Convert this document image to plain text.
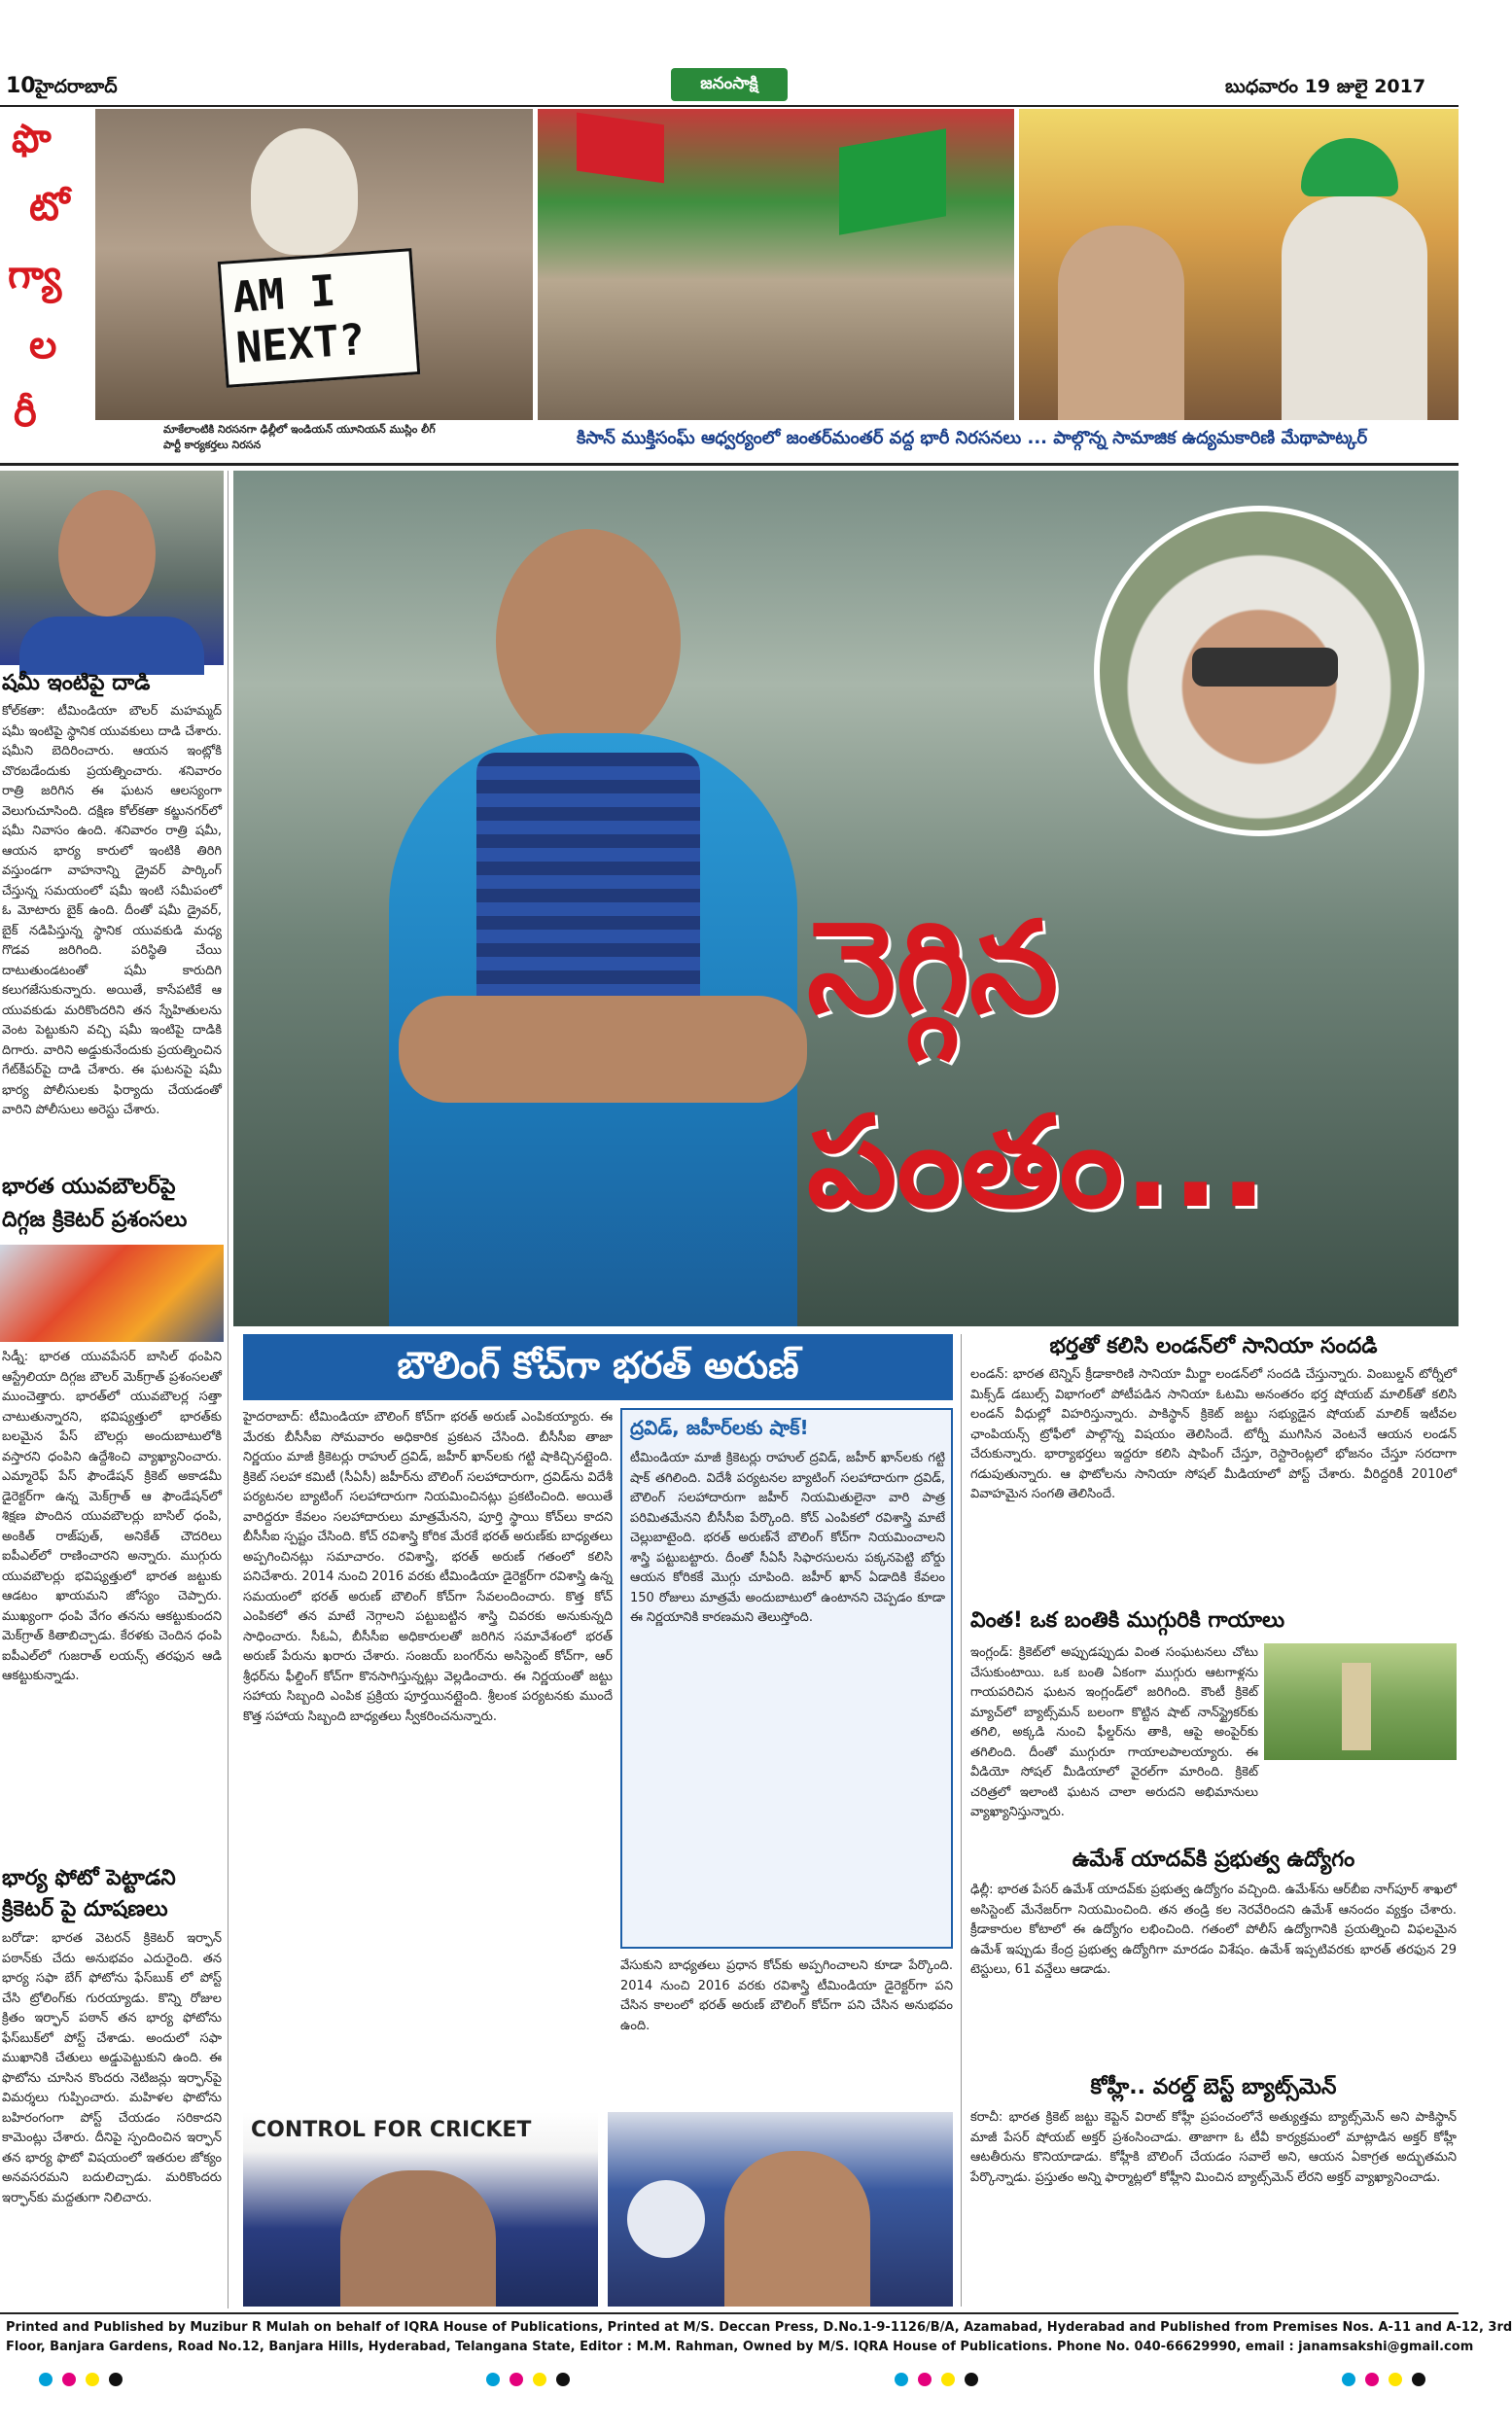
10 హైదరాబాద్	జనంసాక్షి	బుధవారం 19 జులై 2017
ఫొ
టో
గ్యా
ల
రీ
AM I NEXT?
మాకేలాంటికి నిరసనగా ఢిల్లీలో ఇండియన్ యూనియన్ ముస్లిం లీగ్ పార్టీ కార్యకర్తలు నిరసన	కిసాన్ ముక్తిసంఘ్ ఆధ్వర్యంలో జంతర్‌మంతర్ వద్ద భారీ నిరసనలు ... పాల్గొన్న సామాజిక ఉద్యమకారిణి మేథాపాట్కర్
షమీ ఇంటిపై దాడి
కోల్‌కతా: టీమిండియా బౌలర్ మహమ్మద్ షమీ ఇంటిపై స్థానిక యువకులు దాడి చేశారు. షమీని బెదిరించారు. ఆయన ఇంట్లోకి చొరబడేందుకు ప్రయత్నించారు. శనివారం రాత్రి జరిగిన ఈ ఘటన ఆలస్యంగా వెలుగుచూసింది. దక్షిణ కోల్‌కతా కట్జునగర్‌లో షమీ నివాసం ఉంది. శనివారం రాత్రి షమీ, ఆయన భార్య కారులో ఇంటికి తిరిగి వస్తుండగా వాహనాన్ని డ్రైవర్ పార్కింగ్ చేస్తున్న సమయంలో షమీ ఇంటి సమీపంలో ఓ మోటారు బైక్ ఉంది. దీంతో షమీ డ్రైవర్, బైక్ నడిపిస్తున్న స్థానిక యువకుడి మధ్య గొడవ జరిగింది. పరిస్థితి చేయి దాటుతుండటంతో షమీ కారుదిగి కలుగజేసుకున్నారు. అయితే, కాసేపటికే ఆ యువకుడు మరికొందరిని తన స్నేహితులను వెంట పెట్టుకుని వచ్చి షమీ ఇంటిపై దాడికి దిగారు. వారిని అడ్డుకునేందుకు ప్రయత్నించిన గేట్‌కీపర్‌పై దాడి చేశారు. ఈ ఘటనపై షమీ భార్య పోలీసులకు ఫిర్యాదు చేయడంతో వారిని పోలీసులు అరెస్టు చేశారు.
భారత యువబౌలర్‌పై దిగ్గజ క్రికెటర్ ప్రశంసలు
సిడ్నీ: భారత యువపేసర్ బాసిల్ థంపిని ఆస్ట్రేలియా దిగ్గజ బౌలర్ మెక్‌గ్రాత్ ప్రశంసలతో ముంచెత్తారు. భారత్‌లో యువబౌలర్ల సత్తా చాటుతున్నారని, భవిష్యత్తులో భారత్‌కు బలమైన పేస్ బౌలర్లు అందుబాటులోకి వస్తారని ధంపిని ఉద్దేశించి వ్యాఖ్యానించారు. ఎమ్మారెఫ్ పేస్ ఫౌండేషన్ క్రికెట్ అకాడమీ డైరెక్టర్‌గా ఉన్న మెక్‌గ్రాత్ ఆ ఫౌండేషన్‌లో శిక్షణ పొందిన యువబౌలర్లు బాసిల్ ధంపి, అంకిత్ రాజ్‌పుత్, అనికేత్ చౌదరిలు ఐపీఎల్‌లో రాణించారని అన్నారు. ముగ్గురు యువబౌలర్లు భవిష్యత్తులో భారత జట్టుకు ఆడటం ఖాయమని జోస్యం చెప్పారు. ముఖ్యంగా ధంపి వేగం తనను ఆకట్టుకుందని మెక్‌గ్రాత్ కితాబిచ్చాడు. కేరళకు చెందిన ధంపి ఐపీఎల్‌లో గుజరాత్ లయన్స్ తరఫున ఆడి ఆకట్టుకున్నాడు.
భార్య ఫోటో పెట్టాడని క్రికెటర్ పై దూషణలు
బరోడా: భారత వెటరన్ క్రికెటర్ ఇర్ఫాన్ పఠాన్‌కు చేదు అనుభవం ఎదురైంది. తన భార్య సఫా బేగ్ ఫోటోను ఫేస్‌బుక్ లో పోస్ట్ చేసి ట్రోలింగ్‌కు గురయ్యాడు. కొన్ని రోజుల క్రితం ఇర్ఫాన్ పఠాన్ తన భార్య ఫోటోను ఫేస్‌బుక్‌లో పోస్ట్ చేశాడు. అందులో సఫా ముఖానికి చేతులు అడ్డుపెట్టుకుని ఉంది. ఈ ఫొటోను చూసిన కొందరు నెటిజన్లు ఇర్ఫాన్‌పై విమర్శలు గుప్పించారు. మహిళల ఫొటోను బహిరంగంగా పోస్ట్ చేయడం సరికాదని కామెంట్లు చేశారు. దీనిపై స్పందించిన ఇర్ఫాన్ తన భార్య ఫొటో విషయంలో ఇతరుల జోక్యం అనవసరమని బదులిచ్చాడు. మరికొందరు ఇర్ఫాన్‌కు మద్దతుగా నిలిచారు.
నెగ్గిన
పంతం...
బౌలింగ్ కోచ్‌గా భరత్ అరుణ్
హైదరాబాద్‌: టీమిండియా బౌలింగ్ కోచ్‌గా భరత్ అరుణ్ ఎంపికయ్యారు. ఈ మేరకు బీసీసీఐ సోమవారం అధికారిక ప్రకటన చేసింది. బీసీసీఐ తాజా నిర్ణయం మాజీ క్రికెటర్లు రాహుల్ ద్రవిడ్, జహీర్ ఖాన్‌లకు గట్టి షాకిచ్చినట్లైంది. క్రికెట్ సలహా కమిటీ (సీఏసీ) జహీర్‌ను బౌలింగ్ సలహాదారుగా, ద్రవిడ్‌ను విదేశీ పర్యటనల బ్యాటింగ్ సలహాదారుగా నియమించినట్లు ప్రకటించింది. అయితే వారిద్దరూ కేవలం సలహాదారులు మాత్రమేనని, పూర్తి స్థాయి కోచ్‌లు కాదని బీసీసీఐ స్పష్టం చేసింది. కోచ్ రవిశాస్త్రి కోరిక మేరకే భరత్ అరుణ్‌కు బాధ్యతలు అప్పగించినట్లు సమాచారం. రవిశాస్త్రి, భరత్ అరుణ్ గతంలో కలిసి పనిచేశారు. 2014 నుంచి 2016 వరకు టీమిండియా డైరెక్టర్‌గా రవిశాస్త్రి ఉన్న సమయంలో భరత్ అరుణ్ బౌలింగ్ కోచ్‌గా సేవలందించారు. కొత్త కోచ్ ఎంపికలో తన మాటే నెగ్గాలని పట్టుబట్టిన శాస్త్రి చివరకు అనుకున్నది సాధించారు. సీఓఏ, బీసీసీఐ అధికారులతో జరిగిన సమావేశంలో భరత్ అరుణ్ పేరును ఖరారు చేశారు. సంజయ్ బంగర్‌ను అసిస్టెంట్ కోచ్‌గా, ఆర్ శ్రీధర్‌ను ఫీల్డింగ్ కోచ్‌గా కొనసాగిస్తున్నట్లు వెల్లడించారు. ఈ నిర్ణయంతో జట్టు సహాయ సిబ్బంది ఎంపిక ప్రక్రియ పూర్తయినట్లైంది. శ్రీలంక పర్యటనకు ముందే కొత్త సహాయ సిబ్బంది బాధ్యతలు స్వీకరించనున్నారు.
ద్రవిడ్, జహీర్‌లకు షాక్!
టీమిండియా మాజీ క్రికెటర్లు రాహుల్ ద్రవిడ్, జహీర్ ఖాన్‌లకు గట్టి షాక్ తగిలింది. విదేశీ పర్యటనల బ్యాటింగ్ సలహాదారుగా ద్రవిడ్, బౌలింగ్ సలహాదారుగా జహీర్ నియమితులైనా వారి పాత్ర పరిమితమేనని బీసీసీఐ పేర్కొంది. కోచ్ ఎంపికలో రవిశాస్త్రి మాటే చెల్లుబాటైంది. భరత్ అరుణ్‌నే బౌలింగ్ కోచ్‌గా నియమించాలని శాస్త్రి పట్టుబట్టారు. దీంతో సీఏసీ సిఫారసులను పక్కనపెట్టి బోర్డు ఆయన కోరికకే మొగ్గు చూపింది. జహీర్ ఖాన్ ఏడాదికి కేవలం 150 రోజులు మాత్రమే అందుబాటులో ఉంటానని చెప్పడం కూడా ఈ నిర్ణయానికి కారణమని తెలుస్తోంది.
వేసుకుని బాధ్యతలు ప్రధాన కోచ్‌కు అప్పగించాలని కూడా పేర్కొంది. 2014 నుంచి 2016 వరకు రవిశాస్త్రి టీమిండియా డైరెక్టర్‌గా పని చేసిన కాలంలో భరత్ అరుణ్ బౌలింగ్ కోచ్‌గా పని చేసిన అనుభవం ఉంది.
CONTROL FOR CRICKET
భర్తతో కలిసి లండన్‌లో సానియా సందడి
లండన్: భారత టెన్నిస్ క్రీడాకారిణి సానియా మీర్జా లండన్‌లో సందడి చేస్తున్నారు. వింబుల్డన్ టోర్నీలో మిక్స్‌డ్ డబుల్స్ విభాగంలో పోటీపడిన సానియా ఓటమి అనంతరం భర్త షోయబ్ మాలిక్‌తో కలిసి లండన్ వీధుల్లో విహరిస్తున్నారు. పాకిస్థాన్ క్రికెట్ జట్టు సభ్యుడైన షోయబ్ మాలిక్ ఇటీవల ఛాంపియన్స్ ట్రోఫీలో పాల్గొన్న విషయం తెలిసిందే. టోర్నీ ముగిసిన వెంటనే ఆయన లండన్ చేరుకున్నారు. భార్యాభర్తలు ఇద్దరూ కలిసి షాపింగ్ చేస్తూ, రెస్టారెంట్లలో భోజనం చేస్తూ సరదాగా గడుపుతున్నారు. ఆ ఫొటోలను సానియా సోషల్ మీడియాలో పోస్ట్ చేశారు. వీరిద్దరికీ 2010లో వివాహమైన సంగతి తెలిసిందే.
వింత! ఒక బంతికి ముగ్గురికి గాయాలు
ఇంగ్లండ్: క్రికెట్‌లో అప్పుడప్పుడు వింత సంఘటనలు చోటు చేసుకుంటాయి. ఒక బంతి ఏకంగా ముగ్గురు ఆటగాళ్లను గాయపరిచిన ఘటన ఇంగ్లండ్‌లో జరిగింది. కౌంటీ క్రికెట్ మ్యాచ్‌లో బ్యాట్స్‌మన్ బలంగా కొట్టిన షాట్ నాన్‌స్ట్రైకర్‌కు తగిలి, అక్కడి నుంచి ఫీల్డర్‌ను తాకి, ఆపై అంపైర్‌కు తగిలింది. దీంతో ముగ్గురూ గాయాలపాలయ్యారు. ఈ వీడియో సోషల్ మీడియాలో వైరల్‌గా మారింది. క్రికెట్ చరిత్రలో ఇలాంటి ఘటన చాలా అరుదని అభిమానులు వ్యాఖ్యానిస్తున్నారు.
ఉమేశ్ యాదవ్‌కి ప్రభుత్వ ఉద్యోగం
ఢిల్లీ: భారత పేసర్ ఉమేశ్ యాదవ్‌కు ప్రభుత్వ ఉద్యోగం వచ్చింది. ఉమేశ్‌ను ఆర్‌బీఐ నాగ్‌పూర్ శాఖలో అసిస్టెంట్ మేనేజర్‌గా నియమించింది. తన తండ్రి కల నెరవేరిందని ఉమేశ్ ఆనందం వ్యక్తం చేశారు. క్రీడాకారుల కోటాలో ఈ ఉద్యోగం లభించింది. గతంలో పోలీస్ ఉద్యోగానికి ప్రయత్నించి విఫలమైన ఉమేశ్ ఇప్పుడు కేంద్ర ప్రభుత్వ ఉద్యోగిగా మారడం విశేషం. ఉమేశ్ ఇప్పటివరకు భారత్ తరఫున 29 టెస్టులు, 61 వన్డేలు ఆడాడు.
కోహ్లీ.. వరల్డ్ బెస్ట్ బ్యాట్స్‌మెన్
కరాచీ: భారత క్రికెట్ జట్టు కెప్టెన్ విరాట్ కోహ్లీ ప్రపంచంలోనే అత్యుత్తమ బ్యాట్స్‌మెన్ అని పాకిస్థాన్ మాజీ పేసర్ షోయబ్ అక్తర్ ప్రశంసించాడు. తాజాగా ఓ టీవీ కార్యక్రమంలో మాట్లాడిన అక్తర్ కోహ్లీ ఆటతీరును కొనియాడాడు. కోహ్లీకి బౌలింగ్ చేయడం సవాలే అని, ఆయన ఏకాగ్రత అద్భుతమని పేర్కొన్నాడు. ప్రస్తుతం అన్ని ఫార్మాట్లలో కోహ్లీని మించిన బ్యాట్స్‌మెన్ లేరని అక్తర్ వ్యాఖ్యానించాడు.
Printed and Published by Muzibur R Mulah on behalf of IQRA House of Publications, Printed at M/S. Deccan Press, D.No.1-9-1126/B/A, Azamabad, Hyderabad and Published from Premises Nos. A-11 and A-12, 3rd
Floor, Banjara Gardens, Road No.12, Banjara Hills, Hyderabad, Telangana State, Editor : M.M. Rahman, Owned by M/S. IQRA House of Publications. Phone No. 040-66629990, email : janamsakshi@gmail.com
